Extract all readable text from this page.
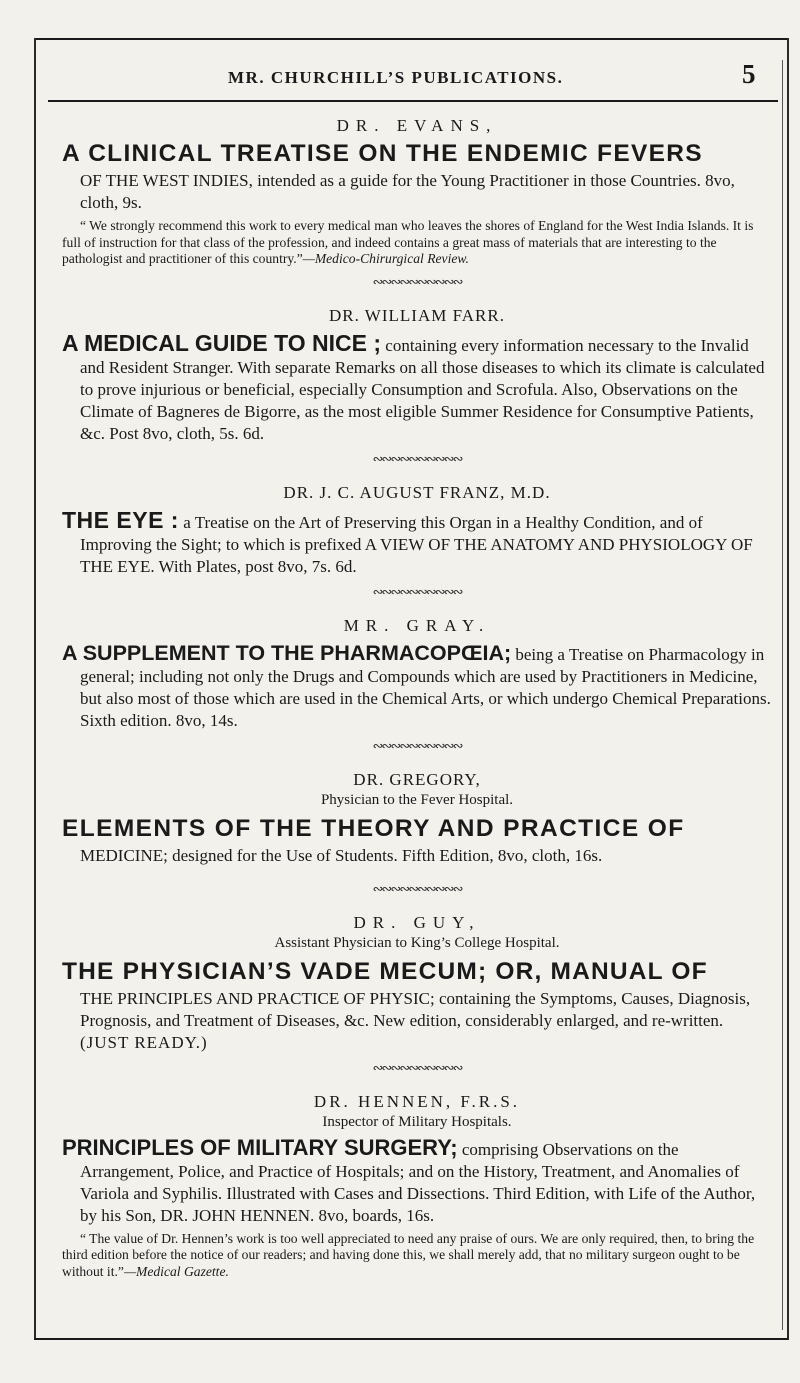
MR. CHURCHILL’S PUBLICATIONS.	5

DR. EVANS,

A CLINICAL TREATISE ON THE ENDEMIC FEVERS

OF THE WEST INDIES, intended as a guide for the Young Practitioner in those Countries. 8vo, cloth, 9s.

“ We strongly recommend this work to every medical man who leaves the shores of England for the West India Islands. It is full of instruction for that class of the profession, and indeed contains a great mass of materials that are interesting to the pathologist and practitioner of this country.”—Medico-Chirurgical Review.

∾∾∾∾∾∾∾∾∾∾

DR. WILLIAM FARR.

A MEDICAL GUIDE TO NICE ; containing every information necessary to the Invalid and Resident Stranger. With separate Remarks on all those diseases to which its climate is calculated to prove injurious or beneficial, especially Consumption and Scrofula. Also, Observations on the Climate of Bagneres de Bigorre, as the most eligible Summer Residence for Consumptive Patients, &c. Post 8vo, cloth, 5s. 6d.

∾∾∾∾∾∾∾∾∾∾

DR. J. C. AUGUST FRANZ, M.D.

THE EYE : a Treatise on the Art of Preserving this Organ in a Healthy Condition, and of Improving the Sight; to which is prefixed A VIEW OF THE ANATOMY AND PHYSIOLOGY OF THE EYE. With Plates, post 8vo, 7s. 6d.

∾∾∾∾∾∾∾∾∾∾

MR. GRAY.

A SUPPLEMENT TO THE PHARMACOPŒIA; being a Treatise on Pharmacology in general; including not only the Drugs and Compounds which are used by Practitioners in Medicine, but also most of those which are used in the Chemical Arts, or which undergo Chemical Preparations. Sixth edition. 8vo, 14s.

∾∾∾∾∾∾∾∾∾∾

DR. GREGORY,

Physician to the Fever Hospital.

ELEMENTS OF THE THEORY AND PRACTICE OF

MEDICINE; designed for the Use of Students. Fifth Edition, 8vo, cloth, 16s.

∾∾∾∾∾∾∾∾∾∾

DR. GUY,

Assistant Physician to King’s College Hospital.

THE PHYSICIAN’S VADE MECUM; OR, MANUAL OF

THE PRINCIPLES AND PRACTICE OF PHYSIC; containing the Symptoms, Causes, Diagnosis, Prognosis, and Treatment of Diseases, &c. New edition, considerably enlarged, and re-written. (JUST READY.)

∾∾∾∾∾∾∾∾∾∾

DR. HENNEN, F.R.S.

Inspector of Military Hospitals.

PRINCIPLES OF MILITARY SURGERY; comprising Observations on the Arrangement, Police, and Practice of Hospitals; and on the History, Treatment, and Anomalies of Variola and Syphilis. Illustrated with Cases and Dissections. Third Edition, with Life of the Author, by his Son, DR. JOHN HENNEN. 8vo, boards, 16s.

“ The value of Dr. Hennen’s work is too well appreciated to need any praise of ours. We are only required, then, to bring the third edition before the notice of our readers; and having done this, we shall merely add, that no military surgeon ought to be without it.”—Medical Gazette.
